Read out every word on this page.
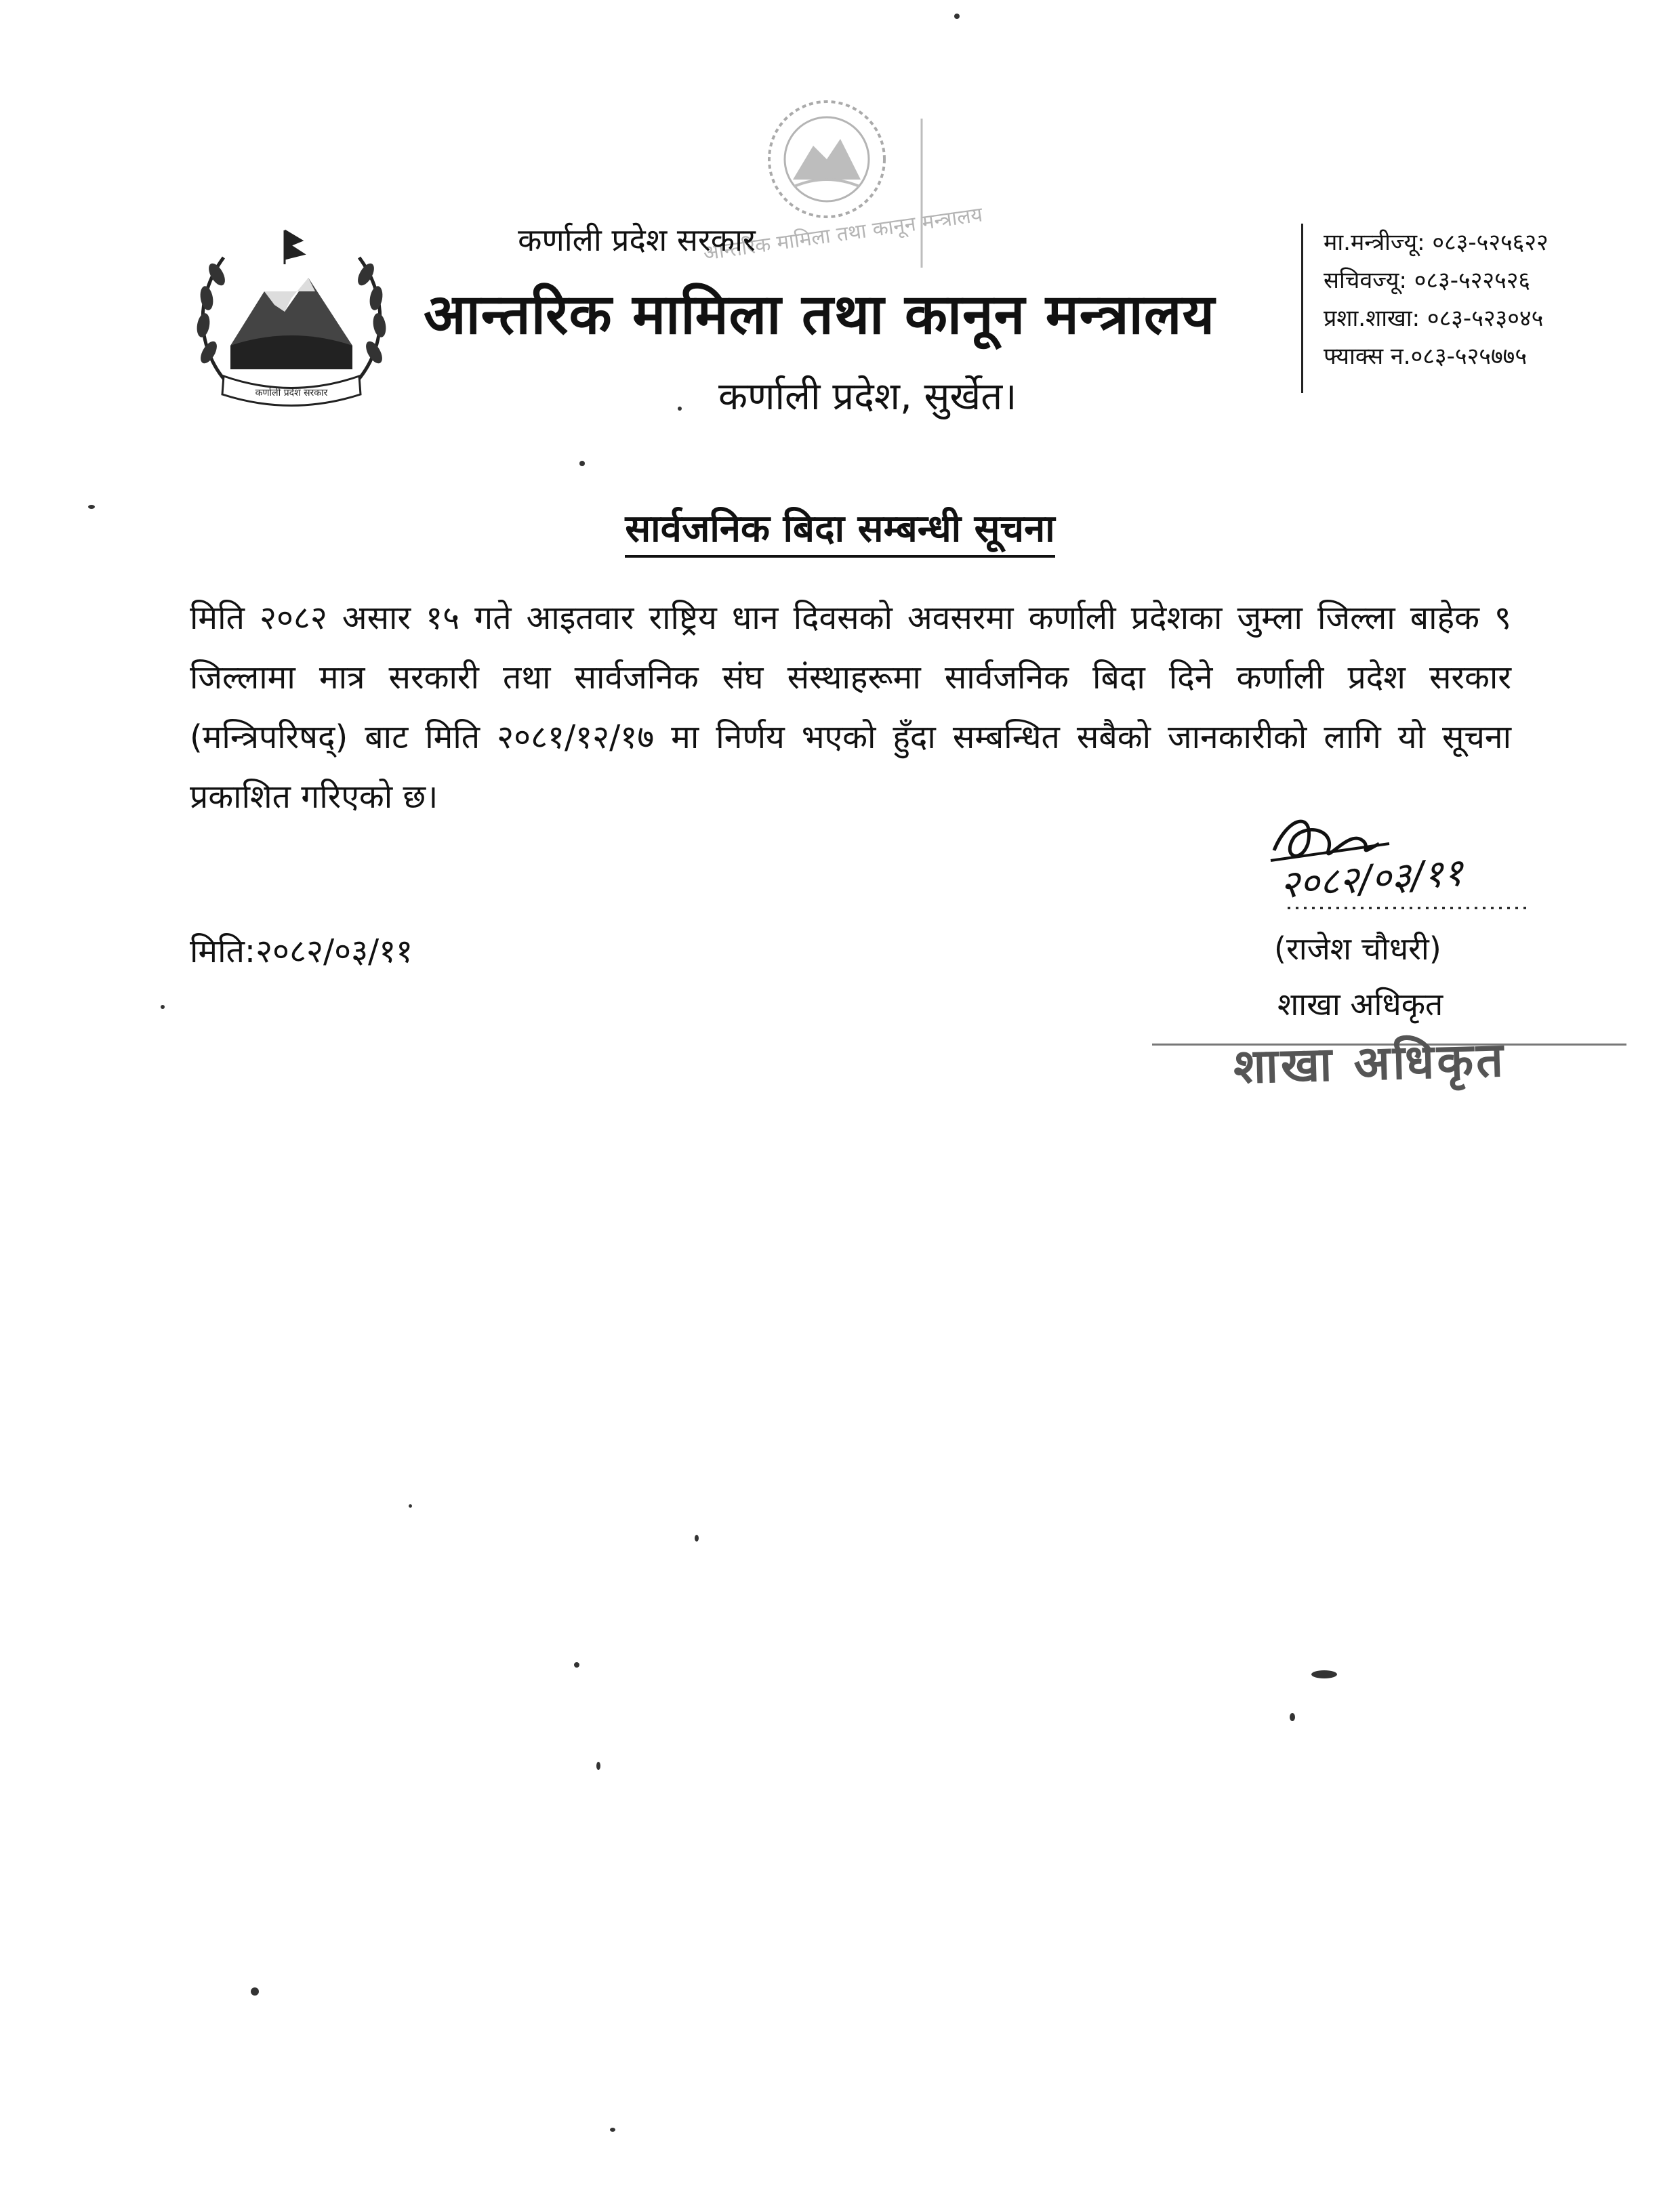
कर्णाली प्रदेश सरकार
आन्तरिक मामिला तथा कानून मन्त्रालय
कर्णाली प्रदेश सरकार
आन्तरिक मामिला तथा कानून मन्त्रालय
कर्णाली प्रदेश, सुर्खेत।
मा.मन्त्रीज्यू: ०८३-५२५६२२
सचिवज्यू: ०८३-५२२५२६
प्रशा.शाखा: ०८३-५२३०४५
फ्याक्स न.०८३-५२५७७५
सार्वजनिक बिदा सम्बन्धी सूचना

मिति २०८२ असार १५ गते आइतवार राष्ट्रिय धान दिवसको अवसरमा कर्णाली प्रदेशका जुम्ला जिल्ला बाहेक ९ जिल्लामा मात्र सरकारी तथा सार्वजनिक संघ संस्थाहरूमा सार्वजनिक बिदा दिने कर्णाली प्रदेश सरकार (मन्त्रिपरिषद्) बाट मिति २०८१/१२/१७ मा निर्णय भएको हुँदा सम्बन्धित सबैको जानकारीको लागि यो सूचना प्रकाशित गरिएको छ।

मिति:२०८२/०३/११
२०८२/०३/११
(राजेश चौधरी)
शाखा अधिकृत
शाखा अधिकृत
